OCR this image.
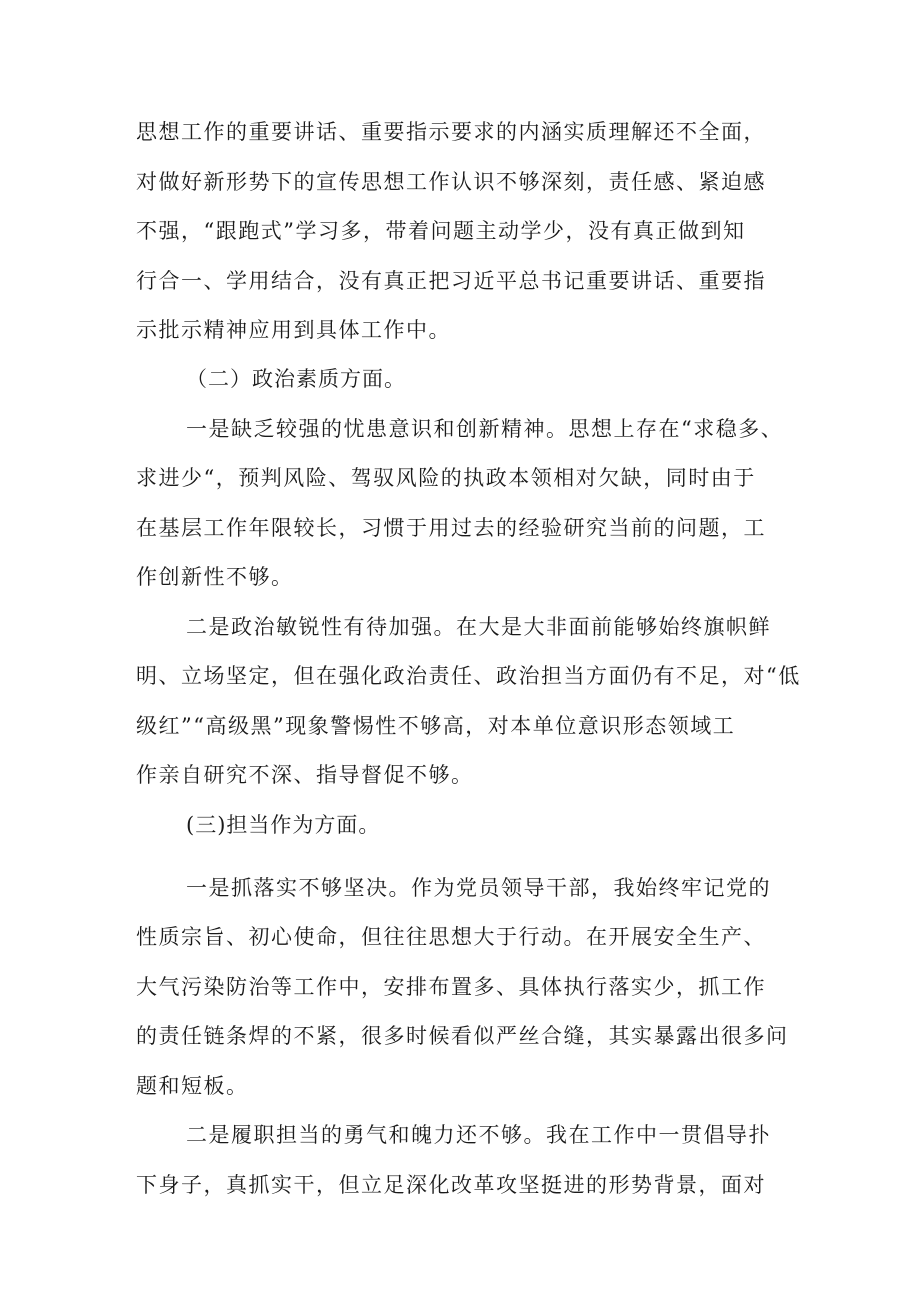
思想工作的重要讲话、重要指示要求的内涵实质理解还不全面，

对做好新形势下的宣传思想工作认识不够深刻，责任感、紧迫感

不强，“跟跑式”学习多，带着问题主动学少，没有真正做到知

行合一、学用结合，没有真正把习近平总书记重要讲话、重要指

示批示精神应用到具体工作中。

（二）政治素质方面。

一是缺乏较强的忧患意识和创新精神。思想上存在“求稳多、

求进少“，预判风险、驾驭风险的执政本领相对欠缺，同时由于

在基层工作年限较长，习惯于用过去的经验研究当前的问题，工

作创新性不够。

二是政治敏锐性有待加强。在大是大非面前能够始终旗帜鲜

明、立场坚定，但在强化政治责任、政治担当方面仍有不足，对“低

级红”“高级黑”现象警惕性不够高，对本单位意识形态领域工

作亲自研究不深、指导督促不够。

(三)担当作为方面。

一是抓落实不够坚决。作为党员领导干部，我始终牢记党的

性质宗旨、初心使命，但往往思想大于行动。在开展安全生产、

大气污染防治等工作中，安排布置多、具体执行落实少，抓工作

的责任链条焊的不紧，很多时候看似严丝合缝，其实暴露出很多问

题和短板。

二是履职担当的勇气和魄力还不够。我在工作中一贯倡导扑

下身子，真抓实干，但立足深化改革攻坚挺进的形势背景，面对
